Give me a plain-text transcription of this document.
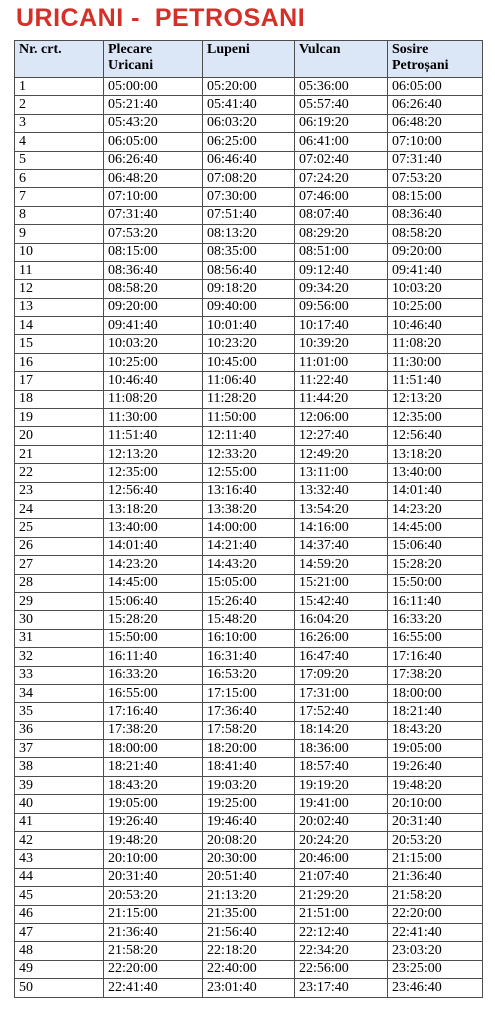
URICANI -  PETROSANI
Nr. crt.	Plecare Uricani	Lupeni	Vulcan	Sosire Petroșani
1	05:00:00	05:20:00	05:36:00	06:05:00
2	05:21:40	05:41:40	05:57:40	06:26:40
3	05:43:20	06:03:20	06:19:20	06:48:20
4	06:05:00	06:25:00	06:41:00	07:10:00
5	06:26:40	06:46:40	07:02:40	07:31:40
6	06:48:20	07:08:20	07:24:20	07:53:20
7	07:10:00	07:30:00	07:46:00	08:15:00
8	07:31:40	07:51:40	08:07:40	08:36:40
9	07:53:20	08:13:20	08:29:20	08:58:20
10	08:15:00	08:35:00	08:51:00	09:20:00
11	08:36:40	08:56:40	09:12:40	09:41:40
12	08:58:20	09:18:20	09:34:20	10:03:20
13	09:20:00	09:40:00	09:56:00	10:25:00
14	09:41:40	10:01:40	10:17:40	10:46:40
15	10:03:20	10:23:20	10:39:20	11:08:20
16	10:25:00	10:45:00	11:01:00	11:30:00
17	10:46:40	11:06:40	11:22:40	11:51:40
18	11:08:20	11:28:20	11:44:20	12:13:20
19	11:30:00	11:50:00	12:06:00	12:35:00
20	11:51:40	12:11:40	12:27:40	12:56:40
21	12:13:20	12:33:20	12:49:20	13:18:20
22	12:35:00	12:55:00	13:11:00	13:40:00
23	12:56:40	13:16:40	13:32:40	14:01:40
24	13:18:20	13:38:20	13:54:20	14:23:20
25	13:40:00	14:00:00	14:16:00	14:45:00
26	14:01:40	14:21:40	14:37:40	15:06:40
27	14:23:20	14:43:20	14:59:20	15:28:20
28	14:45:00	15:05:00	15:21:00	15:50:00
29	15:06:40	15:26:40	15:42:40	16:11:40
30	15:28:20	15:48:20	16:04:20	16:33:20
31	15:50:00	16:10:00	16:26:00	16:55:00
32	16:11:40	16:31:40	16:47:40	17:16:40
33	16:33:20	16:53:20	17:09:20	17:38:20
34	16:55:00	17:15:00	17:31:00	18:00:00
35	17:16:40	17:36:40	17:52:40	18:21:40
36	17:38:20	17:58:20	18:14:20	18:43:20
37	18:00:00	18:20:00	18:36:00	19:05:00
38	18:21:40	18:41:40	18:57:40	19:26:40
39	18:43:20	19:03:20	19:19:20	19:48:20
40	19:05:00	19:25:00	19:41:00	20:10:00
41	19:26:40	19:46:40	20:02:40	20:31:40
42	19:48:20	20:08:20	20:24:20	20:53:20
43	20:10:00	20:30:00	20:46:00	21:15:00
44	20:31:40	20:51:40	21:07:40	21:36:40
45	20:53:20	21:13:20	21:29:20	21:58:20
46	21:15:00	21:35:00	21:51:00	22:20:00
47	21:36:40	21:56:40	22:12:40	22:41:40
48	21:58:20	22:18:20	22:34:20	23:03:20
49	22:20:00	22:40:00	22:56:00	23:25:00
50	22:41:40	23:01:40	23:17:40	23:46:40
